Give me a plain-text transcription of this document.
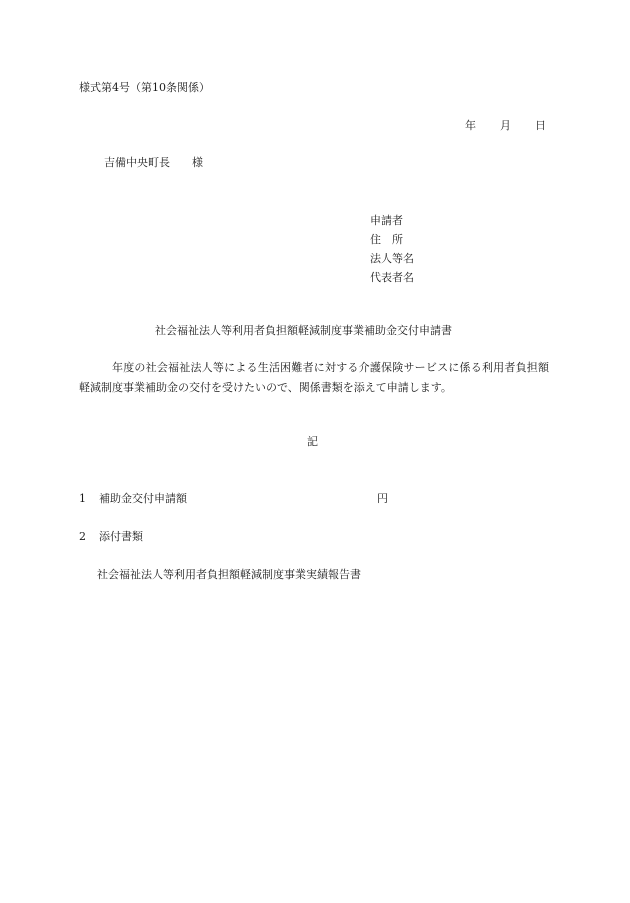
様式第4号（第10条関係）
年 月 日
吉備中央町長 様
申請者
住 所
法人等名
代表者名
社会福祉法人等利用者負担額軽減制度事業補助金交付申請書
年度の社会福祉法人等による生活困難者に対する介護保険サービスに係る利用者負担額軽減制度事業補助金の交付を受けたいので、関係書類を添えて申請します。
記
1 補助金交付申請額	円
2 添付書類
社会福祉法人等利用者負担額軽減制度事業実績報告書
